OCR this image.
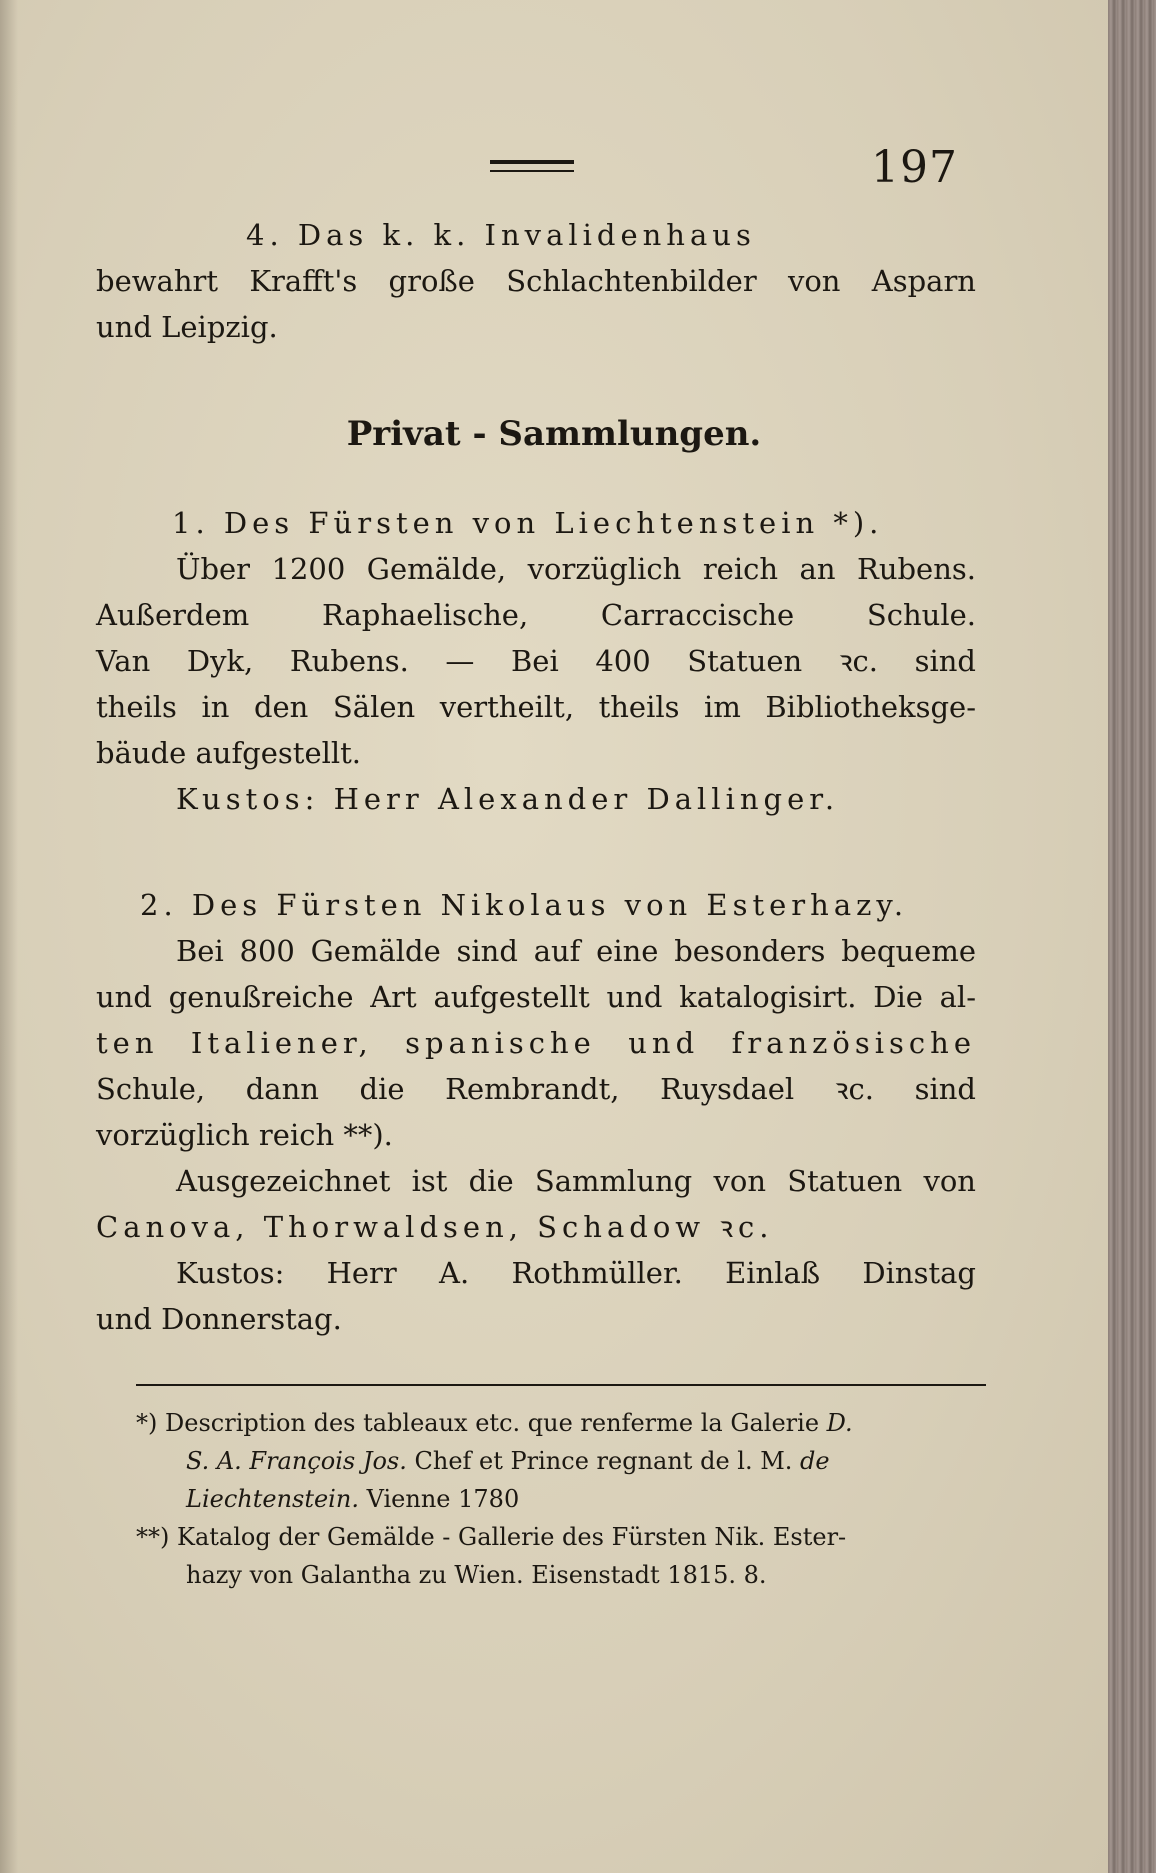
197
4. Das k. k. Invalidenhaus
bewahrt Krafft's große Schlachtenbilder von Asparn
und Leipzig.
Privat - Sammlungen.
1. Des Fürsten von Liechtenstein *).
Über 1200 Gemälde, vorzüglich reich an Rubens.
Außerdem Raphaelische, Carraccische Schule.
Van Dyk, Rubens. — Bei 400 Statuen ꝛc. sind
theils in den Sälen vertheilt, theils im Bibliotheksge-
bäude aufgestellt.
Kustos: Herr Alexander Dallinger.
2. Des Fürsten Nikolaus von Esterhazy.
Bei 800 Gemälde sind auf eine besonders bequeme
und genußreiche Art aufgestellt und katalogisirt. Die al-
ten Italiener, spanische und französische
Schule, dann die Rembrandt, Ruysdael ꝛc. sind
vorzüglich reich **).
Ausgezeichnet ist die Sammlung von Statuen von
Canova, Thorwaldsen, Schadow ꝛc.
Kustos: Herr A. Rothmüller. Einlaß Dinstag
und Donnerstag.
*) Description des tableaux etc. que renferme la Galerie D.
S. A. François Jos. Chef et Prince regnant de l. M. de
Liechtenstein. Vienne 1780
**) Katalog der Gemälde - Gallerie des Fürsten Nik. Ester-
hazy von Galantha zu Wien. Eisenstadt 1815. 8.
